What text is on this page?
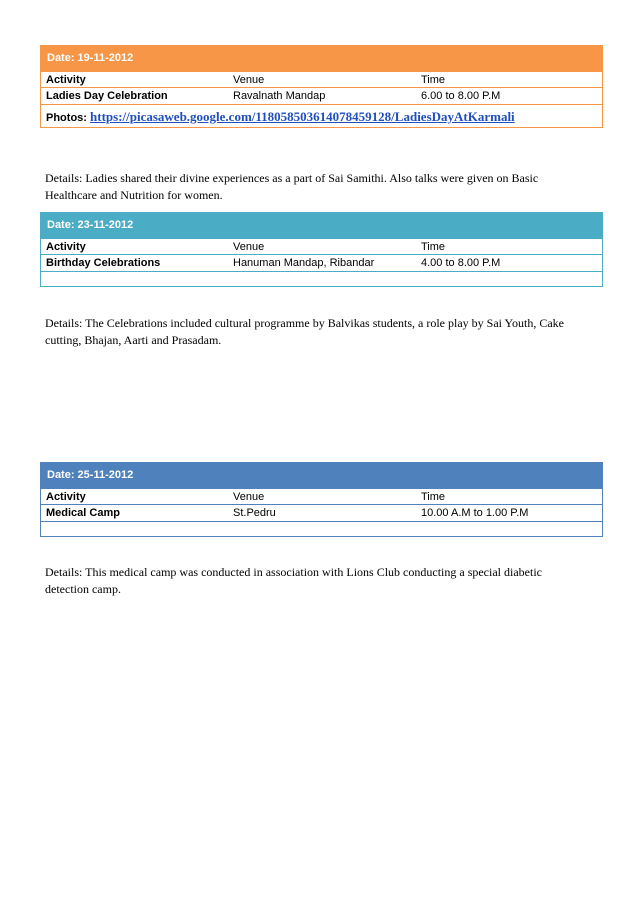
Date: 19-11-2012
Activity	Venue	Time
Ladies Day Celebration	Ravalnath Mandap	6.00 to 8.00 P.M
Photos: https://picasaweb.google.com/118058503614078459128/LadiesDayAtKarmali
Details: Ladies shared their divine experiences as a part of Sai Samithi. Also talks were given on Basic Healthcare and Nutrition for women.
Date: 23-11-2012
Activity	Venue	Time
Birthday Celebrations	Hanuman Mandap, Ribandar	4.00 to 8.00 P.M
Details: The Celebrations included cultural programme by Balvikas students, a role play by Sai Youth, Cake cutting, Bhajan, Aarti and Prasadam.
Date: 25-11-2012
Activity	Venue	Time
Medical Camp	St.Pedru	10.00 A.M to 1.00 P.M
Details: This medical camp was conducted in association with Lions Club conducting a special diabetic detection camp.
